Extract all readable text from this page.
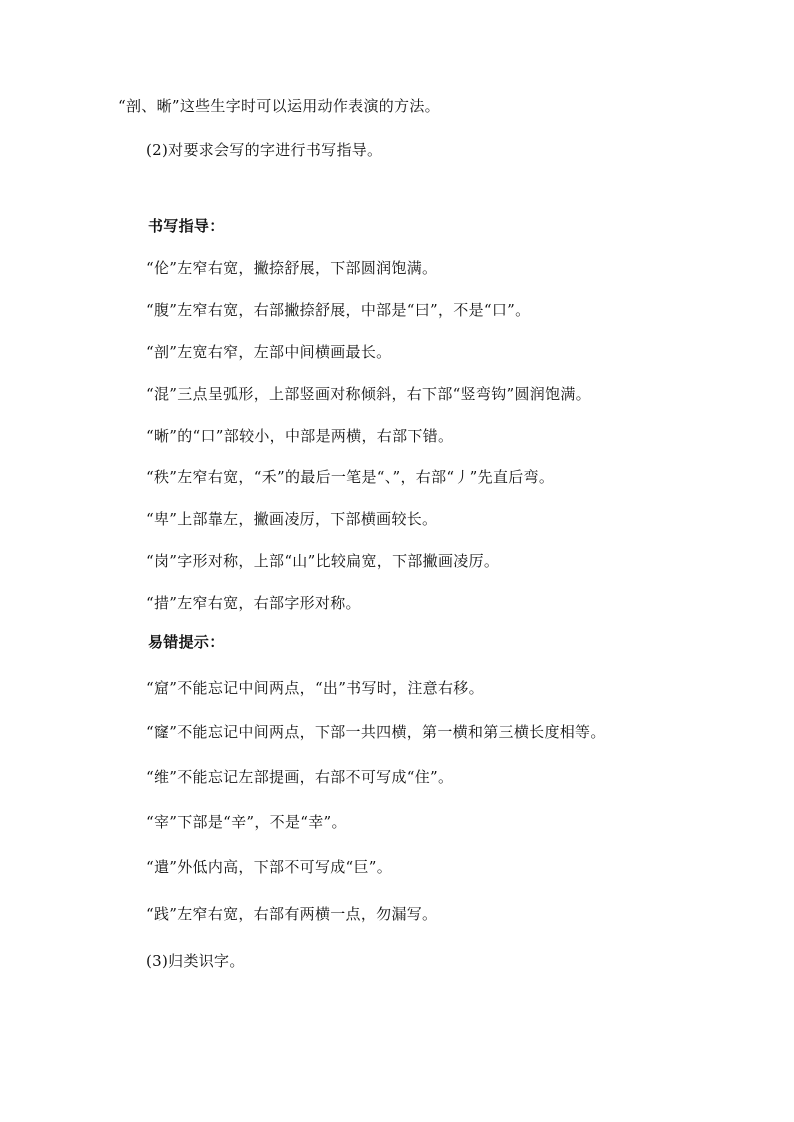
“剖、晰”这些生字时可以运用动作表演的方法。
(2)对要求会写的字进行书写指导。
书写指导：
“伦”左窄右宽，撇捺舒展，下部圆润饱满。
“腹”左窄右宽，右部撇捺舒展，中部是“曰”，不是“口”。
“剖”左宽右窄，左部中间横画最长。
“混”三点呈弧形，上部竖画对称倾斜，右下部“竖弯钩”圆润饱满。
“晰”的“口”部较小，中部是两横，右部下错。
“秩”左窄右宽，“禾”的最后一笔是“、”，右部“丿”先直后弯。
“卑”上部靠左，撇画凌厉，下部横画较长。
“岗”字形对称，上部“山”比较扁宽，下部撇画凌厉。
“措”左窄右宽，右部字形对称。
易错提示：
“窟”不能忘记中间两点，“出”书写时，注意右移。
“窿”不能忘记中间两点，下部一共四横，第一横和第三横长度相等。
“维”不能忘记左部提画，右部不可写成“住”。
“宰”下部是“辛”，不是“幸”。
“遣”外低内高，下部不可写成“巨”。
“践”左窄右宽，右部有两横一点，勿漏写。
(3)归类识字。
